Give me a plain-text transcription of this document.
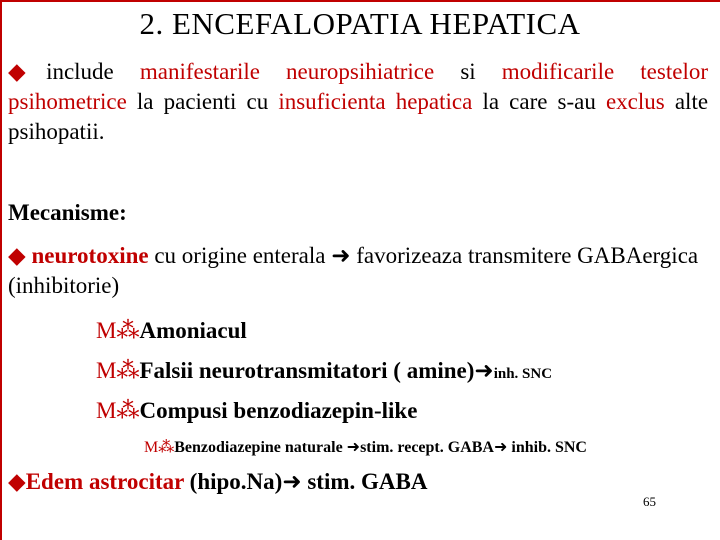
2. ENCEFALOPATIA HEPATICA
◆include manifestarile neuropsihiatrice si modificarile testelor psihometrice la pacienti cu insuficienta hepatica la care s-au exclus alte psihopatii.
Mecanisme:
◆ neurotoxine cu origine enterala ➜ favorizeaza transmitere GABAergica (inhibitorie)
M⁂Amoniacul
M⁂Falsii neurotransmitatori ( amine)➜inh. SNC
M⁂Compusi benzodiazepin-like
M⁂Benzodiazepine naturale ➜stim. recept. GABA➜ inhib. SNC
◆Edem astrocitar (hipo.Na)➜ stim. GABA
65
